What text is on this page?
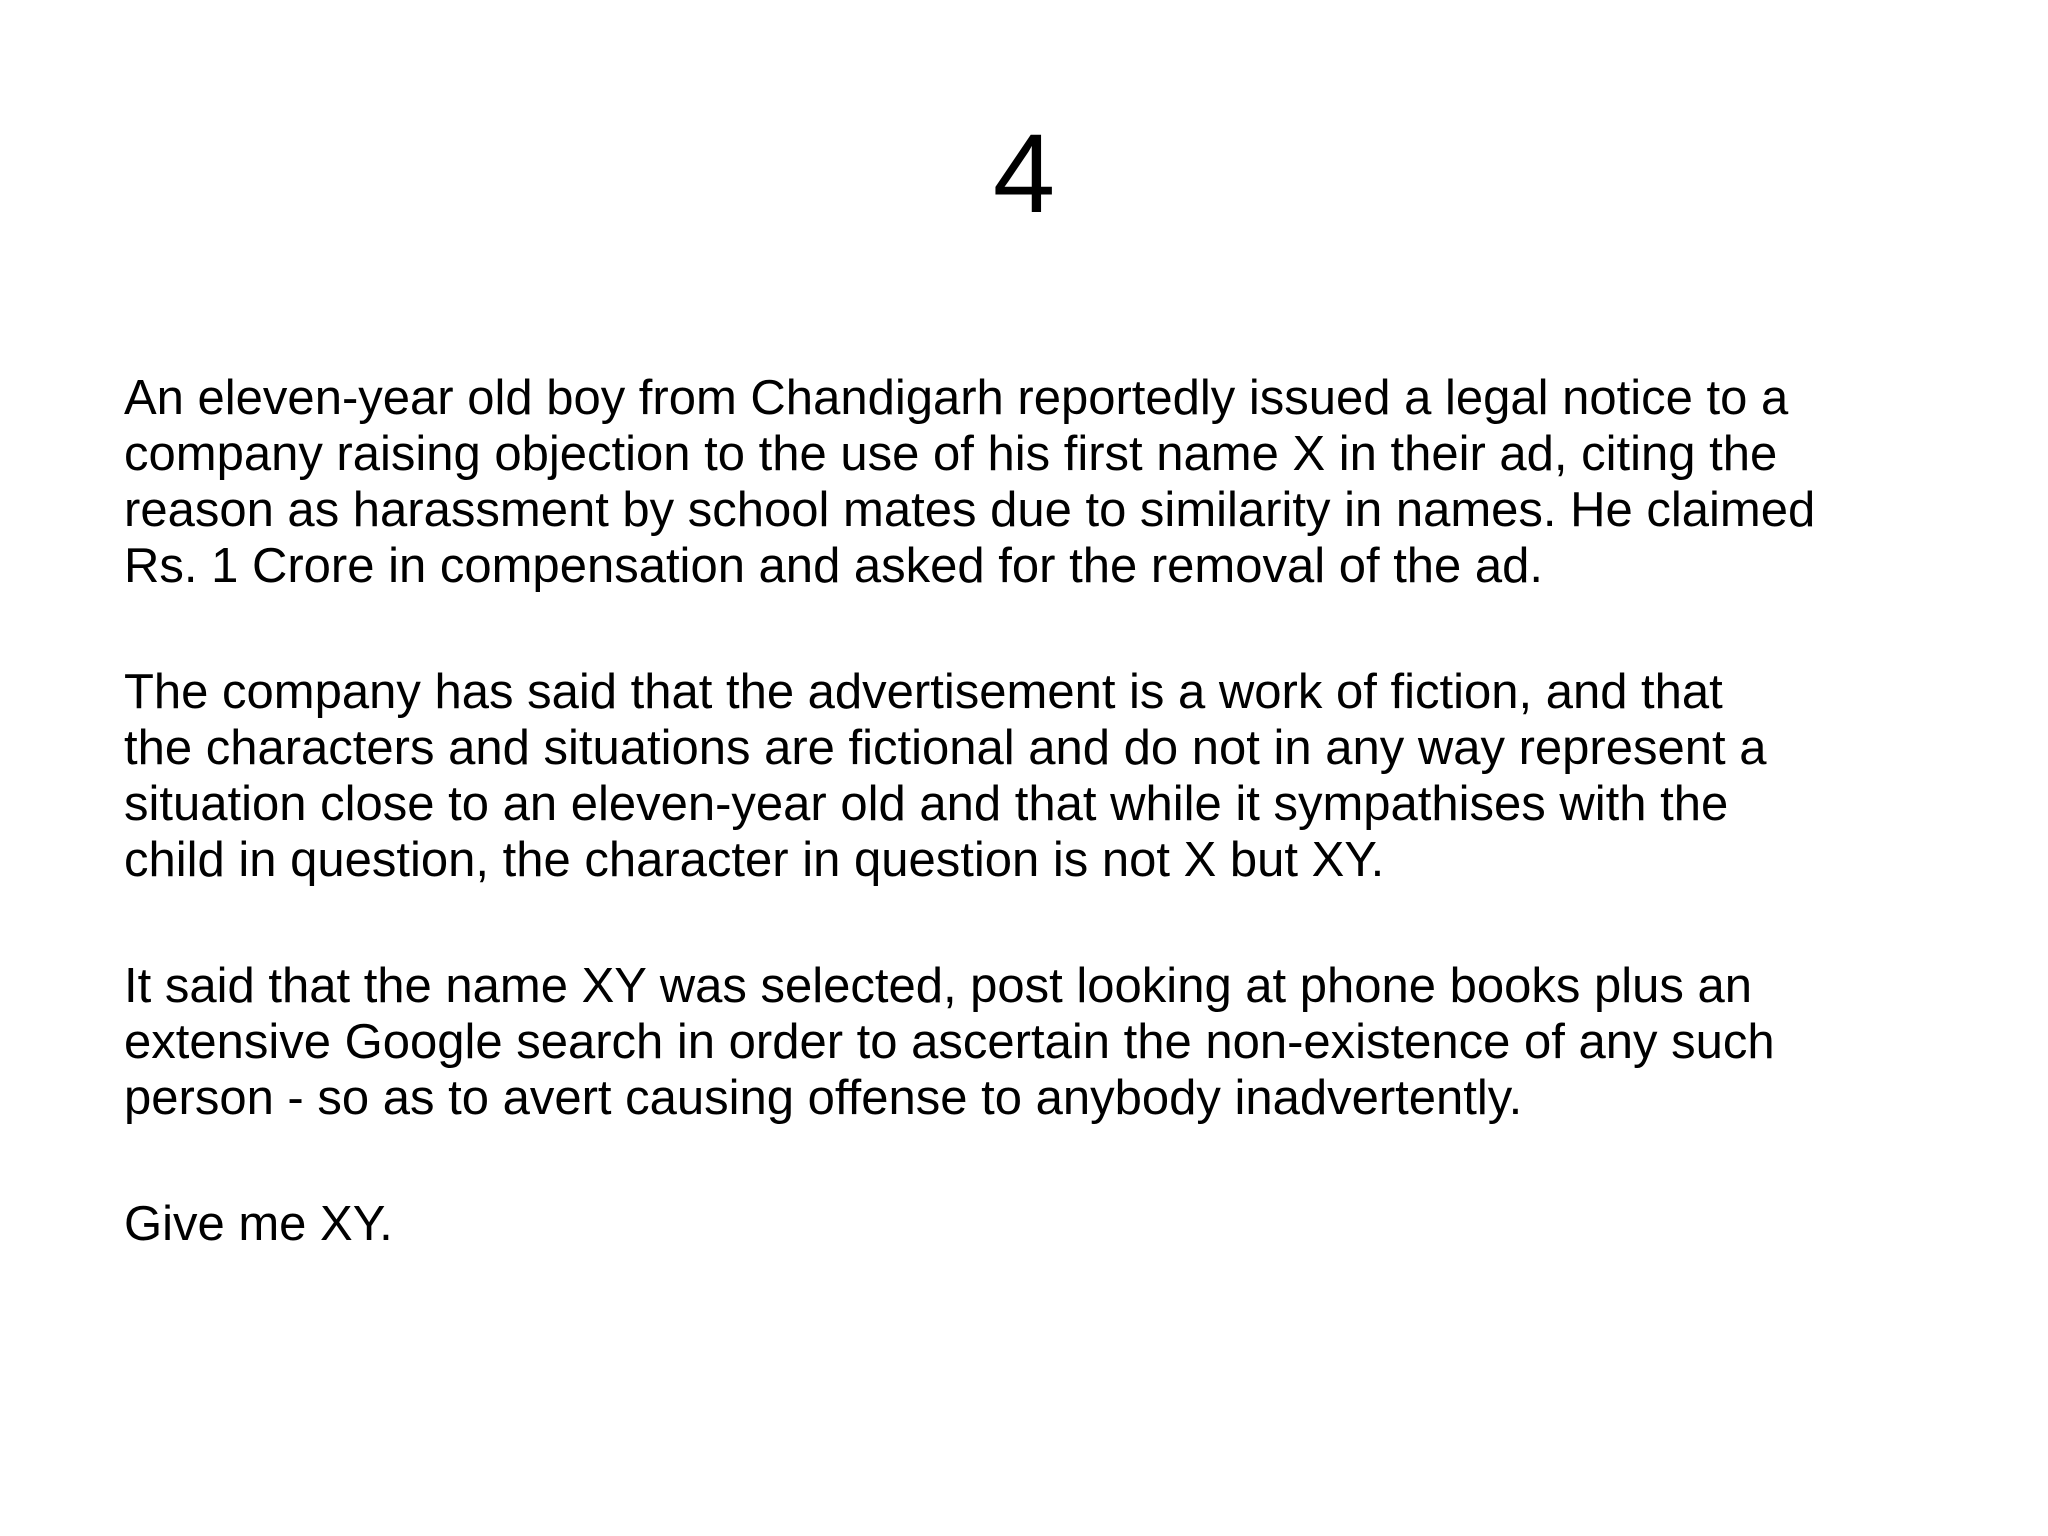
4

An eleven-year old boy from Chandigarh reportedly issued a legal notice to a
company raising objection to the use of his first name X in their ad, citing the
reason as harassment by school mates due to similarity in names. He claimed
Rs. 1 Crore in compensation and asked for the removal of the ad.

The company has said that the advertisement is a work of fiction, and that
the characters and situations are fictional and do not in any way represent a
situation close to an eleven-year old and that while it sympathises with the
child in question, the character in question is not X but XY.

It said that the name XY was selected, post looking at phone books plus an
extensive Google search in order to ascertain the non-existence of any such
person - so as to avert causing offense to anybody inadvertently.

Give me XY.
